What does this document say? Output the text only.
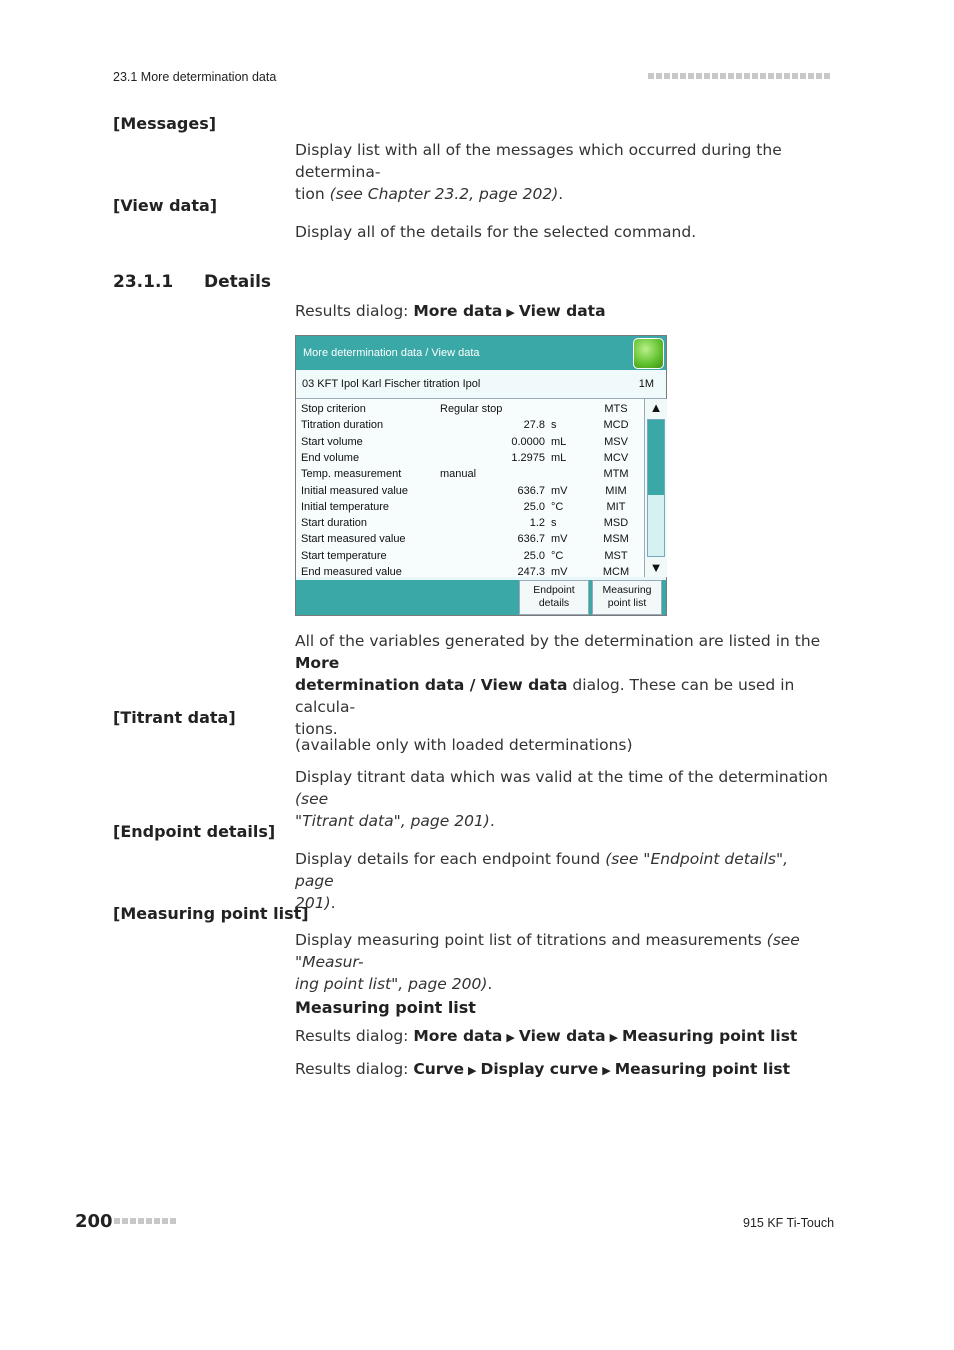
23.1 More determination data
[Messages]
Display list with all of the messages which occurred during the determina-
tion (see Chapter 23.2, page 202).
[View data]
Display all of the details for the selected command.
23.1.1 Details
Results dialog: More data ▶ View data
More determination data / View data
03 KFT Ipol Karl Fischer titration Ipol	1M
Stop criterion	Regular stop	MTS
Titration duration	27.8 s	MCD
Start volume	0.0000 mL	MSV
End volume	1.2975 mL	MCV
Temp. measurement	manual	MTM
Initial measured value	636.7 mV	MIM
Initial temperature	25.0 °C	MIT
Start duration	1.2 s	MSD
Start measured value	636.7 mV	MSM
Start temperature	25.0 °C	MST
End measured value	247.3 mV	MCM
▲
▼
Endpoint
details
Measuring
point list
All of the variables generated by the determination are listed in the More
determination data / View data dialog. These can be used in calcula-
tions.
[Titrant data]
(available only with loaded determinations)
Display titrant data which was valid at the time of the determination (see
"Titrant data", page 201).
[Endpoint details]
Display details for each endpoint found (see "Endpoint details", page
201).
[Measuring point list]
Display measuring point list of titrations and measurements (see "Measur-
ing point list", page 200).
Measuring point list
Results dialog: More data ▶ View data ▶ Measuring point list
Results dialog: Curve ▶ Display curve ▶ Measuring point list
200	915 KF Ti-Touch
